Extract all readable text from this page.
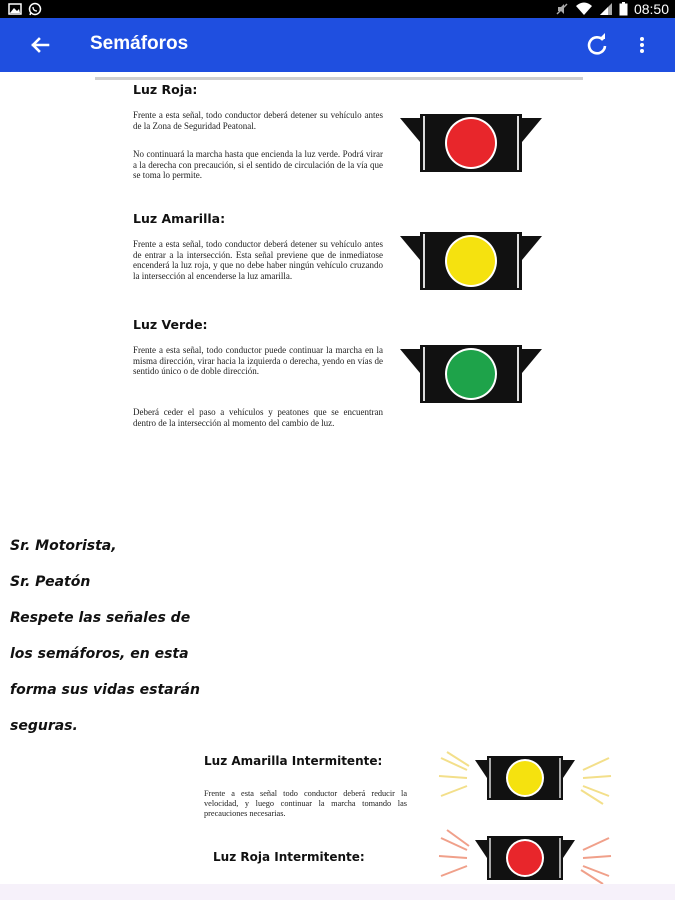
08:50
Semáforos
Luz Roja:
Frente a esta señal, todo conductor deberá detener su vehículo antes de la Zona de Seguridad Peatonal.
No continuará la marcha hasta que encienda la luz verde. Podrá virar a la derecha con precaución, si el sentido de circulación de la vía que se toma lo permite.
Luz Amarilla:
Frente a esta señal, todo conductor deberá detener su vehículo antes de entrar a la intersección. Esta señal previene que de inmediatose encenderá la luz roja, y que no debe haber ningún vehículo cruzando la intersección al encenderse la luz amarilla.
Luz Verde:
Frente a esta señal, todo conductor puede continuar la marcha en la misma dirección, virar hacia la izquierda o derecha, yendo en vías de sentido único o de doble dirección.
Deberá ceder el paso a vehículos y peatones que se encuentran dentro de la intersección al momento del cambio de luz.
Sr. Motorista,
Sr. Peatón
Respete las señales de
los semáforos, en esta
forma sus vidas estarán
seguras.
Luz Amarilla Intermitente:
Frente a esta señal todo conductor deberá reducir la velocidad, y luego continuar la marcha tomando las precauciones necesarias.
Luz Roja Intermitente:
